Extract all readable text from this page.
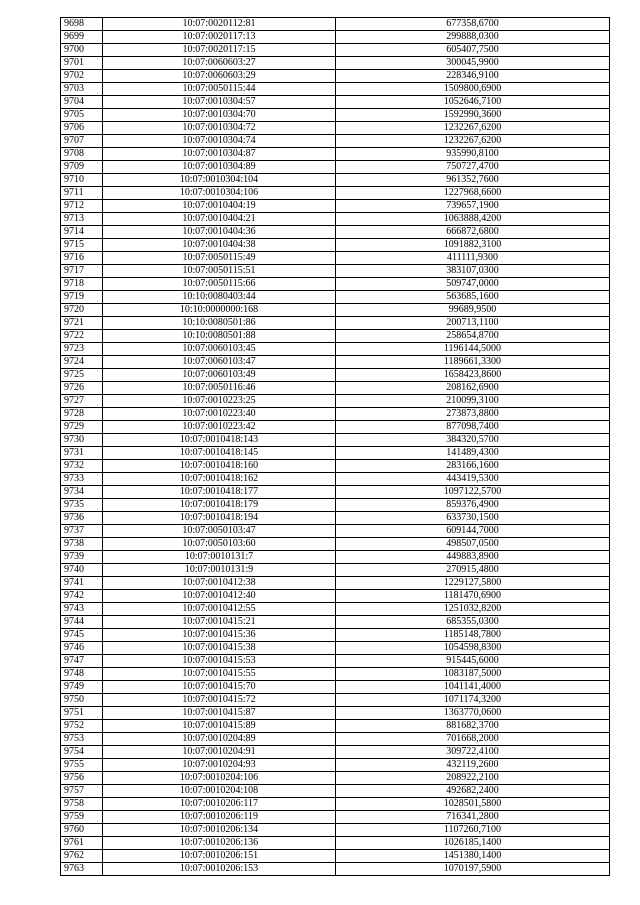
9698	10:07:0020112:81	677358,6700
9699	10:07:0020117:13	299888,0300
9700	10:07:0020117:15	605407,7500
9701	10:07:0060603:27	300045,9900
9702	10:07:0060603:29	228346,9100
9703	10:07:0050115:44	1509800,6900
9704	10:07:0010304:57	1052646,7100
9705	10:07:0010304:70	1592990,3600
9706	10:07:0010304:72	1232267,6200
9707	10:07:0010304:74	1232267,6200
9708	10:07:0010304:87	935990,8100
9709	10:07:0010304:89	750727,4700
9710	10:07:0010304:104	961352,7600
9711	10:07:0010304:106	1227968,6600
9712	10:07:0010404:19	739657,1900
9713	10:07:0010404:21	1063888,4200
9714	10:07:0010404:36	666872,6800
9715	10:07:0010404:38	1091882,3100
9716	10:07:0050115:49	411111,9300
9717	10:07:0050115:51	383107,0300
9718	10:07:0050115:66	509747,0000
9719	10:10:0080403:44	563685,1600
9720	10:10:0000000:168	99689,9500
9721	10:10:0080501:86	200713,1100
9722	10:10:0080501:88	258654,8700
9723	10:07:0060103:45	1196144,5000
9724	10:07:0060103:47	1189661,3300
9725	10:07:0060103:49	1658423,8600
9726	10:07:0050116:46	208162,6900
9727	10:07:0010223:25	210099,3100
9728	10:07:0010223:40	273873,8800
9729	10:07:0010223:42	877098,7400
9730	10:07:0010418:143	384320,5700
9731	10:07:0010418:145	141489,4300
9732	10:07:0010418:160	283166,1600
9733	10:07:0010418:162	443419,5300
9734	10:07:0010418:177	1097122,5700
9735	10:07:0010418:179	859376,4900
9736	10:07:0010418:194	633730,1500
9737	10:07:0050103:47	609144,7000
9738	10:07:0050103:60	498507,0500
9739	10:07:0010131:7	449883,8900
9740	10:07:0010131:9	270915,4800
9741	10:07:0010412:38	1229127,5800
9742	10:07:0010412:40	1181470,6900
9743	10:07:0010412:55	1251032,8200
9744	10:07:0010415:21	685355,0300
9745	10:07:0010415:36	1185148,7800
9746	10:07:0010415:38	1054598,8300
9747	10:07:0010415:53	915445,6000
9748	10:07:0010415:55	1083187,5000
9749	10:07:0010415:70	1041141,4000
9750	10:07:0010415:72	1071174,3200
9751	10:07:0010415:87	1363770,0600
9752	10:07:0010415:89	881682,3700
9753	10:07:0010204:89	701668,2000
9754	10:07:0010204:91	309722,4100
9755	10:07:0010204:93	432119,2600
9756	10:07:0010204:106	208922,2100
9757	10:07:0010204:108	492682,2400
9758	10:07:0010206:117	1028501,5800
9759	10:07:0010206:119	716341,2800
9760	10:07:0010206:134	1107260,7100
9761	10:07:0010206:136	1026185,1400
9762	10:07:0010206:151	1451380,1400
9763	10:07:0010206:153	1070197,5900
